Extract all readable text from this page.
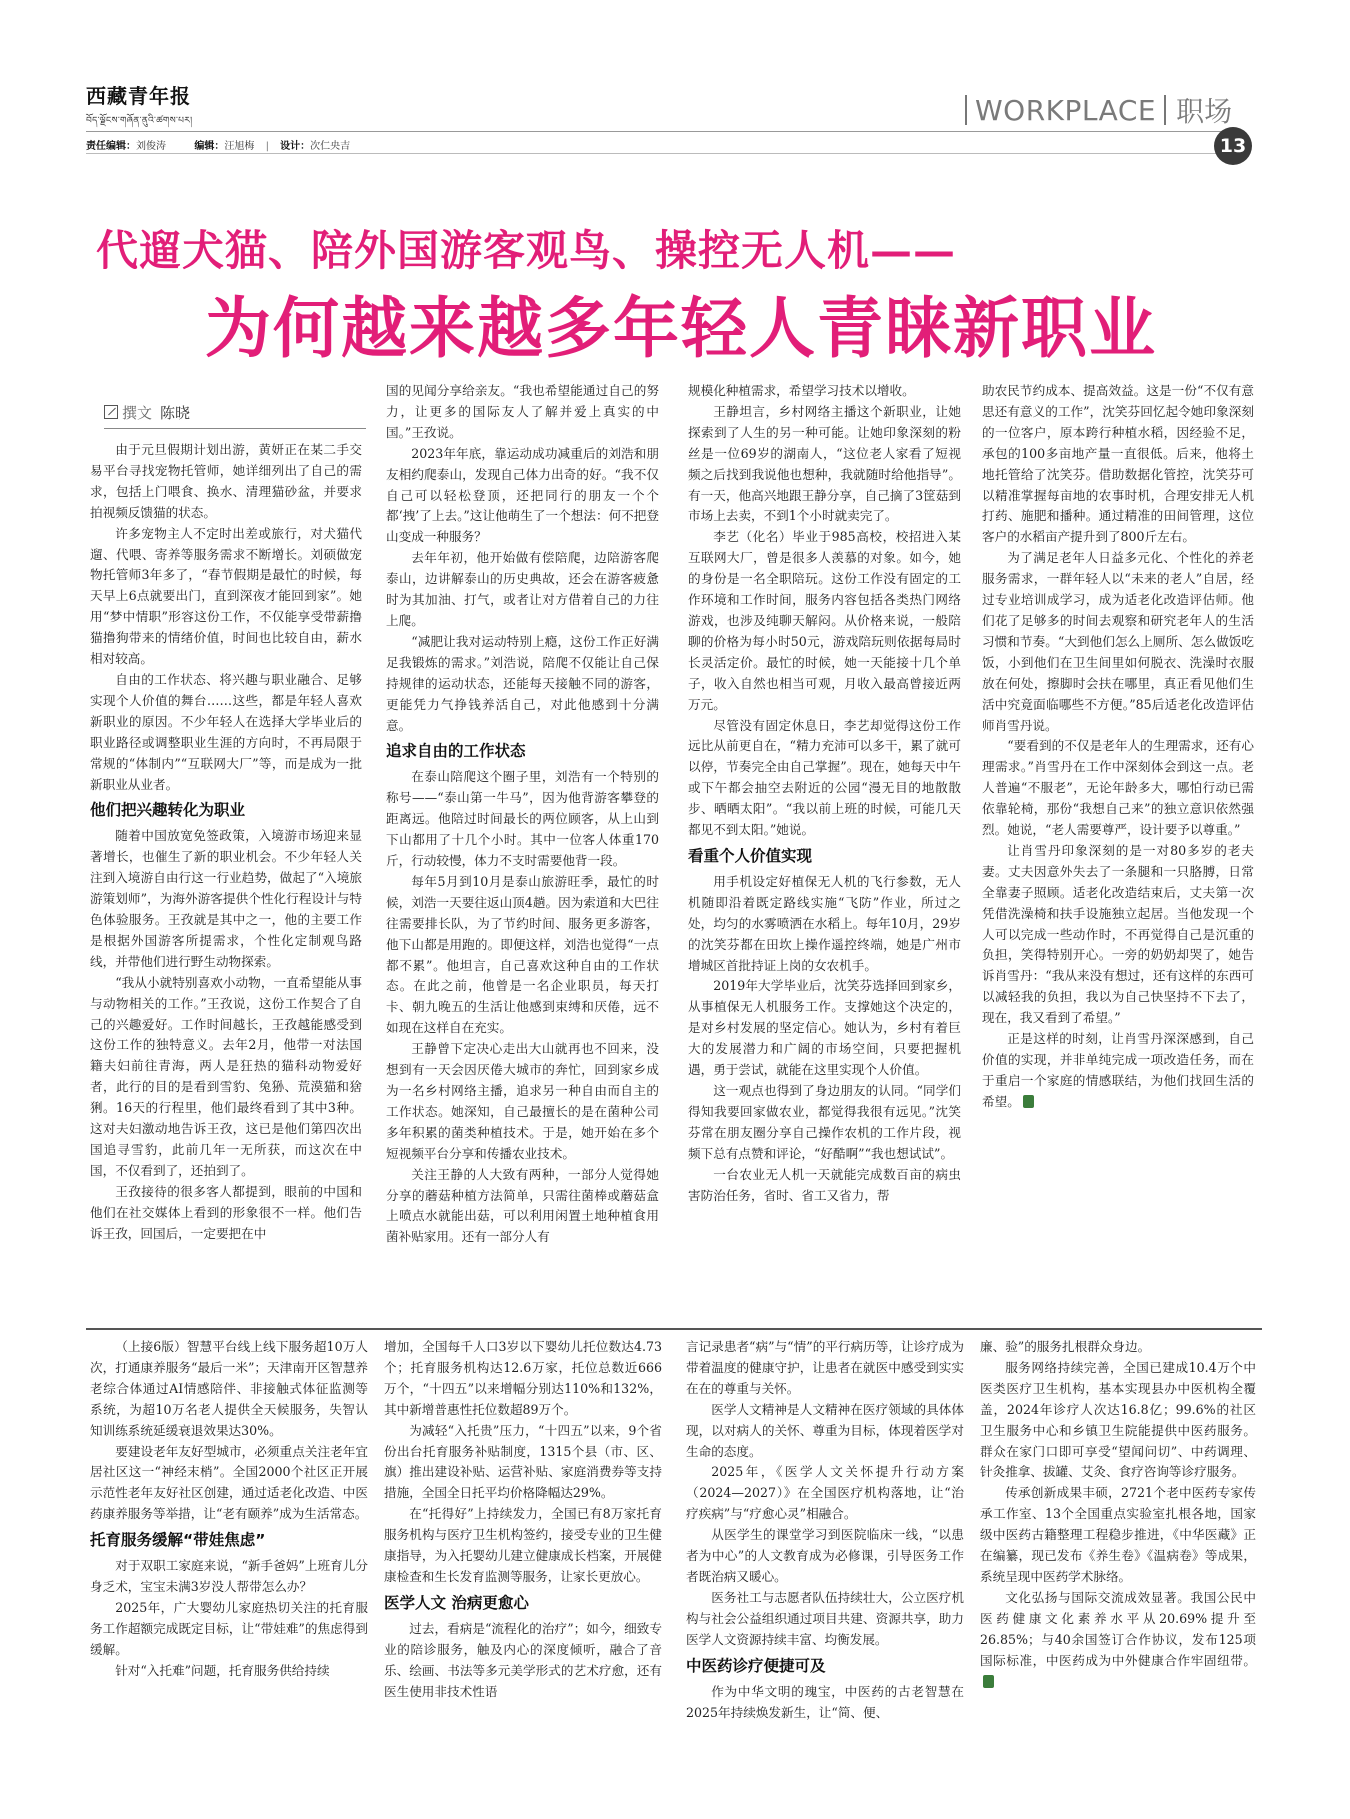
西藏青年报
བོད་ལྗོངས་གཞོན་ནུའི་ཚགས་པར།
责任编辑：刘俊涛	编辑：汪旭梅 | 设计：次仁央吉
WORKPLACE 职场
13
代遛犬猫、陪外国游客观鸟、操控无人机——
为何越来越多年轻人青睐新职业
撰文 陈晓

由于元旦假期计划出游，黄妍正在某二手交易平台寻找宠物托管师，她详细列出了自己的需求，包括上门喂食、换水、清理猫砂盆，并要求拍视频反馈猫的状态。

许多宠物主人不定时出差或旅行，对犬猫代遛、代喂、寄养等服务需求不断增长。刘硕做宠物托管师3年多了，“春节假期是最忙的时候，每天早上6点就要出门，直到深夜才能回到家”。她用“梦中情职”形容这份工作，不仅能享受带薪撸猫撸狗带来的情绪价值，时间也比较自由，薪水相对较高。

自由的工作状态、将兴趣与职业融合、足够实现个人价值的舞台……这些，都是年轻人喜欢新职业的原因。不少年轻人在选择大学毕业后的职业路径或调整职业生涯的方向时，不再局限于常规的“体制内”“互联网大厂”等，而是成为一批新职业从业者。

他们把兴趣转化为职业

随着中国放宽免签政策，入境游市场迎来显著增长，也催生了新的职业机会。不少年轻人关注到入境游自由行这一行业趋势，做起了“入境旅游策划师”，为海外游客提供个性化行程设计与特色体验服务。王孜就是其中之一，他的主要工作是根据外国游客所提需求，个性化定制观鸟路线，并带他们进行野生动物探索。

“我从小就特别喜欢小动物，一直希望能从事与动物相关的工作。”王孜说，这份工作契合了自己的兴趣爱好。工作时间越长，王孜越能感受到这份工作的独特意义。去年2月，他带一对法国籍夫妇前往青海，两人是狂热的猫科动物爱好者，此行的目的是看到雪豹、兔狲、荒漠猫和猞猁。16天的行程里，他们最终看到了其中3种。这对夫妇激动地告诉王孜，这已是他们第四次出国追寻雪豹，此前几年一无所获，而这次在中国，不仅看到了，还拍到了。

王孜接待的很多客人都提到，眼前的中国和他们在社交媒体上看到的形象很不一样。他们告诉王孜，回国后，一定要把在中

国的见闻分享给亲友。“我也希望能通过自己的努力，让更多的国际友人了解并爱上真实的中国。”王孜说。

2023年年底，靠运动成功减重后的刘浩和朋友相约爬泰山，发现自己体力出奇的好。“我不仅自己可以轻松登顶，还把同行的朋友一个个都‘拽’了上去。”这让他萌生了一个想法：何不把登山变成一种服务？

去年年初，他开始做有偿陪爬，边陪游客爬泰山，边讲解泰山的历史典故，还会在游客疲惫时为其加油、打气，或者让对方借着自己的力往上爬。

“减肥让我对运动特别上瘾，这份工作正好满足我锻炼的需求。”刘浩说，陪爬不仅能让自己保持规律的运动状态，还能每天接触不同的游客，更能凭力气挣钱养活自己，对此他感到十分满意。

追求自由的工作状态

在泰山陪爬这个圈子里，刘浩有一个特别的称号——“泰山第一牛马”，因为他背游客攀登的距离远。他陪过时间最长的两位顾客，从上山到下山都用了十几个小时。其中一位客人体重170斤，行动较慢，体力不支时需要他背一段。

每年5月到10月是泰山旅游旺季，最忙的时候，刘浩一天要往返山顶4趟。因为索道和大巴往往需要排长队，为了节约时间、服务更多游客，他下山都是用跑的。即便这样，刘浩也觉得“一点都不累”。他坦言，自己喜欢这种自由的工作状态。在此之前，他曾是一名企业职员，每天打卡、朝九晚五的生活让他感到束缚和厌倦，远不如现在这样自在充实。

王静曾下定决心走出大山就再也不回来，没想到有一天会因厌倦大城市的奔忙，回到家乡成为一名乡村网络主播，追求另一种自由而自主的工作状态。她深知，自己最擅长的是在菌种公司多年积累的菌类种植技术。于是，她开始在多个短视频平台分享和传播农业技术。

关注王静的人大致有两种，一部分人觉得她分享的蘑菇种植方法简单，只需往菌棒或蘑菇盒上喷点水就能出菇，可以利用闲置土地种植食用菌补贴家用。还有一部分人有

规模化种植需求，希望学习技术以增收。

王静坦言，乡村网络主播这个新职业，让她探索到了人生的另一种可能。让她印象深刻的粉丝是一位69岁的湖南人，“这位老人家看了短视频之后找到我说他也想种，我就随时给他指导”。有一天，他高兴地跟王静分享，自己摘了3筐菇到市场上去卖，不到1个小时就卖完了。

李艺（化名）毕业于985高校，校招进入某互联网大厂，曾是很多人羡慕的对象。如今，她的身份是一名全职陪玩。这份工作没有固定的工作环境和工作时间，服务内容包括各类热门网络游戏，也涉及纯聊天解闷。从价格来说，一般陪聊的价格为每小时50元，游戏陪玩则依据每局时长灵活定价。最忙的时候，她一天能接十几个单子，收入自然也相当可观，月收入最高曾接近两万元。

尽管没有固定休息日，李艺却觉得这份工作远比从前更自在，“精力充沛可以多干，累了就可以停，节奏完全由自己掌握”。现在，她每天中午或下午都会抽空去附近的公园“漫无目的地散散步、晒晒太阳”。“我以前上班的时候，可能几天都见不到太阳。”她说。

看重个人价值实现

用手机设定好植保无人机的飞行参数，无人机随即沿着既定路线实施“飞防”作业，所过之处，均匀的水雾喷洒在水稻上。每年10月，29岁的沈笑芬都在田坎上操作遥控终端，她是广州市增城区首批持证上岗的女农机手。

2019年大学毕业后，沈笑芬选择回到家乡，从事植保无人机服务工作。支撑她这个决定的，是对乡村发展的坚定信心。她认为，乡村有着巨大的发展潜力和广阔的市场空间，只要把握机遇，勇于尝试，就能在这里实现个人价值。

这一观点也得到了身边朋友的认同。“同学们得知我要回家做农业，都觉得我很有远见。”沈笑芬常在朋友圈分享自己操作农机的工作片段，视频下总有点赞和评论，“好酷啊”“我也想试试”。

一台农业无人机一天就能完成数百亩的病虫害防治任务，省时、省工又省力，帮

助农民节约成本、提高效益。这是一份“不仅有意思还有意义的工作”，沈笑芬回忆起令她印象深刻的一位客户，原本跨行种植水稻，因经验不足，承包的100多亩地产量一直很低。后来，他将土地托管给了沈笑芬。借助数据化管控，沈笑芬可以精准掌握每亩地的农事时机，合理安排无人机打药、施肥和播种。通过精准的田间管理，这位客户的水稻亩产提升到了800斤左右。

为了满足老年人日益多元化、个性化的养老服务需求，一群年轻人以“未来的老人”自居，经过专业培训成学习，成为适老化改造评估师。他们花了足够多的时间去观察和研究老年人的生活习惯和节奏。“大到他们怎么上厕所、怎么做饭吃饭，小到他们在卫生间里如何脱衣、洗澡时衣服放在何处，擦脚时会扶在哪里，真正看见他们生活中究竟面临哪些不方便。”85后适老化改造评估师肖雪丹说。

“要看到的不仅是老年人的生理需求，还有心理需求。”肖雪丹在工作中深刻体会到这一点。老人普遍“不服老”，无论年龄多大，哪怕行动已需依靠轮椅，那份“我想自己来”的独立意识依然强烈。她说，“老人需要尊严，设计要予以尊重。”

让肖雪丹印象深刻的是一对80多岁的老夫妻。丈夫因意外失去了一条腿和一只胳膊，日常全靠妻子照顾。适老化改造结束后，丈夫第一次凭借洗澡椅和扶手设施独立起居。当他发现一个人可以完成一些动作时，不再觉得自己是沉重的负担，笑得特别开心。一旁的奶奶却哭了，她告诉肖雪丹：“我从来没有想过，还有这样的东西可以减轻我的负担，我以为自己快坚持不下去了，现在，我又看到了希望。”

正是这样的时刻，让肖雪丹深深感到，自己价值的实现，并非单纯完成一项改造任务，而在于重启一个家庭的情感联结，为他们找回生活的希望。

（上接6版）智慧平台线上线下服务超10万人次，打通康养服务“最后一米”；天津南开区智慧养老综合体通过AI情感陪伴、非接触式体征监测等系统，为超10万名老人提供全天候服务，失智认知训练系统延缓衰退效果达30%。

要建设老年友好型城市，必须重点关注老年宜居社区这一“神经末梢”。全国2000个社区正开展示范性老年友好社区创建，通过适老化改造、中医药康养服务等举措，让“老有颐养”成为生活常态。

托育服务缓解“带娃焦虑”

对于双职工家庭来说，“新手爸妈”上班育儿分身乏术，宝宝未满3岁没人帮带怎么办？

2025年，广大婴幼儿家庭热切关注的托育服务工作超额完成既定目标，让“带娃难”的焦虑得到缓解。

针对“入托难”问题，托育服务供给持续

增加，全国每千人口3岁以下婴幼儿托位数达4.73个；托育服务机构达12.6万家，托位总数近666万个，“十四五”以来增幅分别达110%和132%，其中新增普惠性托位数超89万个。

为减轻“入托贵”压力，“十四五”以来，9个省份出台托育服务补贴制度，1315个县（市、区、旗）推出建设补贴、运营补贴、家庭消费券等支持措施，全国全日托平均价格降幅达29%。

在“托得好”上持续发力，全国已有8万家托育服务机构与医疗卫生机构签约，接受专业的卫生健康指导，为入托婴幼儿建立健康成长档案，开展健康检查和生长发育监测等服务，让家长更放心。

医学人文 治病更愈心

过去，看病是“流程化的治疗”；如今，细致专业的陪诊服务，触及内心的深度倾听，融合了音乐、绘画、书法等多元美学形式的艺术疗愈，还有医生使用非技术性语

言记录患者“病”与“情”的平行病历等，让诊疗成为带着温度的健康守护，让患者在就医中感受到实实在在的尊重与关怀。

医学人文精神是人文精神在医疗领域的具体体现，以对病人的关怀、尊重为目标，体现着医学对生命的态度。

2025年，《医学人文关怀提升行动方案（2024—2027）》在全国医疗机构落地，让“治疗疾病”与“疗愈心灵”相融合。

从医学生的课堂学习到医院临床一线，“以患者为中心”的人文教育成为必修课，引导医务工作者既治病又暖心。

医务社工与志愿者队伍持续壮大，公立医疗机构与社会公益组织通过项目共建、资源共享，助力医学人文资源持续丰富、均衡发展。

中医药诊疗便捷可及

作为中华文明的瑰宝，中医药的古老智慧在2025年持续焕发新生，让“简、便、

廉、验”的服务扎根群众身边。

服务网络持续完善，全国已建成10.4万个中医类医疗卫生机构，基本实现县办中医机构全覆盖，2024年诊疗人次达16.8亿；99.6%的社区卫生服务中心和乡镇卫生院能提供中医药服务。群众在家门口即可享受“望闻问切”、中药调理、针灸推拿、拔罐、艾灸、食疗咨询等诊疗服务。

传承创新成果丰硕，2721个老中医药专家传承工作室、13个全国重点实验室扎根各地，国家级中医药古籍整理工程稳步推进，《中华医藏》正在编纂，现已发布《养生卷》《温病卷》等成果，系统呈现中医药学术脉络。

文化弘扬与国际交流成效显著。我国公民中医药健康文化素养水平从20.69%提升至26.85%；与40余国签订合作协议，发布125项国际标准，中医药成为中外健康合作牢固纽带。
